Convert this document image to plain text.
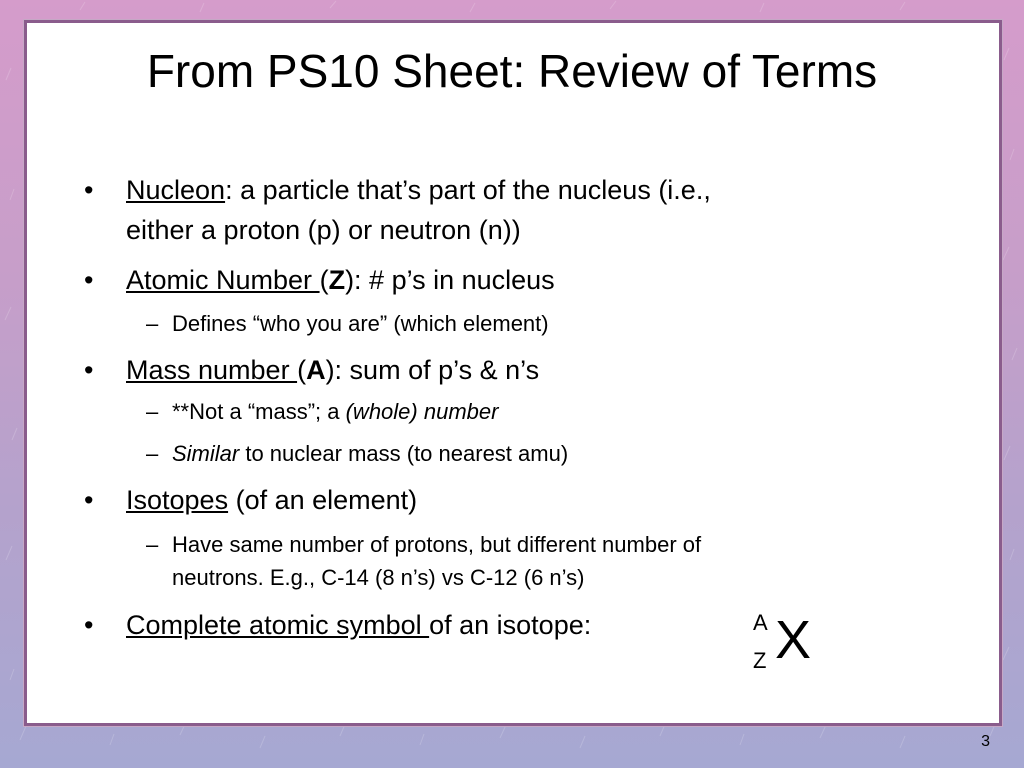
From PS10 Sheet: Review of Terms
•	Nucleon: a particle that’s part of the nucleus (i.e.,
either a proton (p) or neutron (n))
•	Atomic Number (Z): # p’s in nucleus
– Defines “who you are” (which element)
•	Mass number (A): sum of p’s & n’s
– **Not a “mass”; a (whole) number
– Similar to nuclear mass (to nearest amu)
•	Isotopes (of an element)
– Have same number of protons, but different number of
neutrons. E.g., C-14 (8 n’s) vs C-12 (6 n’s)
•	Complete atomic symbol of an isotope:	A
Z X
3
